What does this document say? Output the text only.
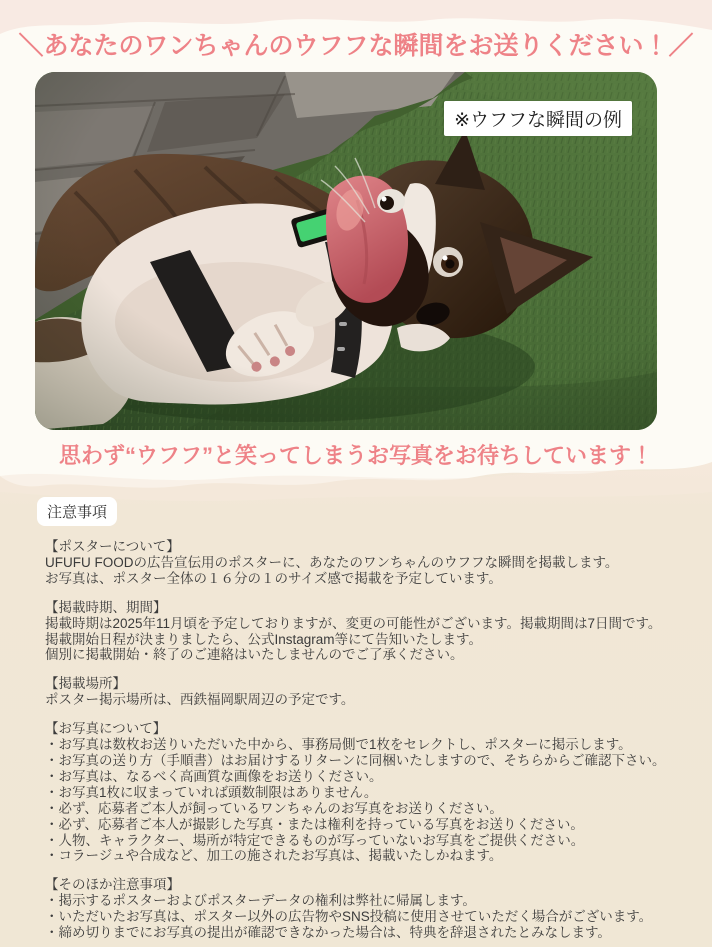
＼あなたのワンちゃんのウフフな瞬間をお送りください！／
※ウフフな瞬間の例

思わず“ウフフ”と笑ってしまうお写真をお待ちしています！

注意事項

【ポスターについて】

UFUFU FOODの広告宣伝用のポスターに、あなたのワンちゃんのウフフな瞬間を掲載します。

お写真は、ポスター全体の１６分の１のサイズ感で掲載を予定しています。

【掲載時期、期間】

掲載時期は2025年11月頃を予定しておりますが、変更の可能性がございます。掲載期間は7日間です。

掲載開始日程が決まりましたら、公式Instagram等にて告知いたします。

個別に掲載開始・終了のご連絡はいたしませんのでご了承ください。

【掲載場所】

ポスター掲示場所は、西鉄福岡駅周辺の予定です。

【お写真について】

・お写真は数枚お送りいただいた中から、事務局側で1枚をセレクトし、ポスターに掲示します。

・お写真の送り方（手順書）はお届けするリターンに同梱いたしますので、そちらからご確認下さい。

・お写真は、なるべく高画質な画像をお送りください。

・お写真1枚に収まっていれば頭数制限はありません。

・必ず、応募者ご本人が飼っているワンちゃんのお写真をお送りください。

・必ず、応募者ご本人が撮影した写真・または権利を持っている写真をお送りください。

・人物、キャラクター、場所が特定できるものが写っていないお写真をご提供ください。

・コラージュや合成など、加工の施されたお写真は、掲載いたしかねます。

【そのほか注意事項】

・掲示するポスターおよびポスターデータの権利は弊社に帰属します。

・いただいたお写真は、ポスター以外の広告物やSNS投稿に使用させていただく場合がございます。

・締め切りまでにお写真の提出が確認できなかった場合は、特典を辞退されたとみなします。
